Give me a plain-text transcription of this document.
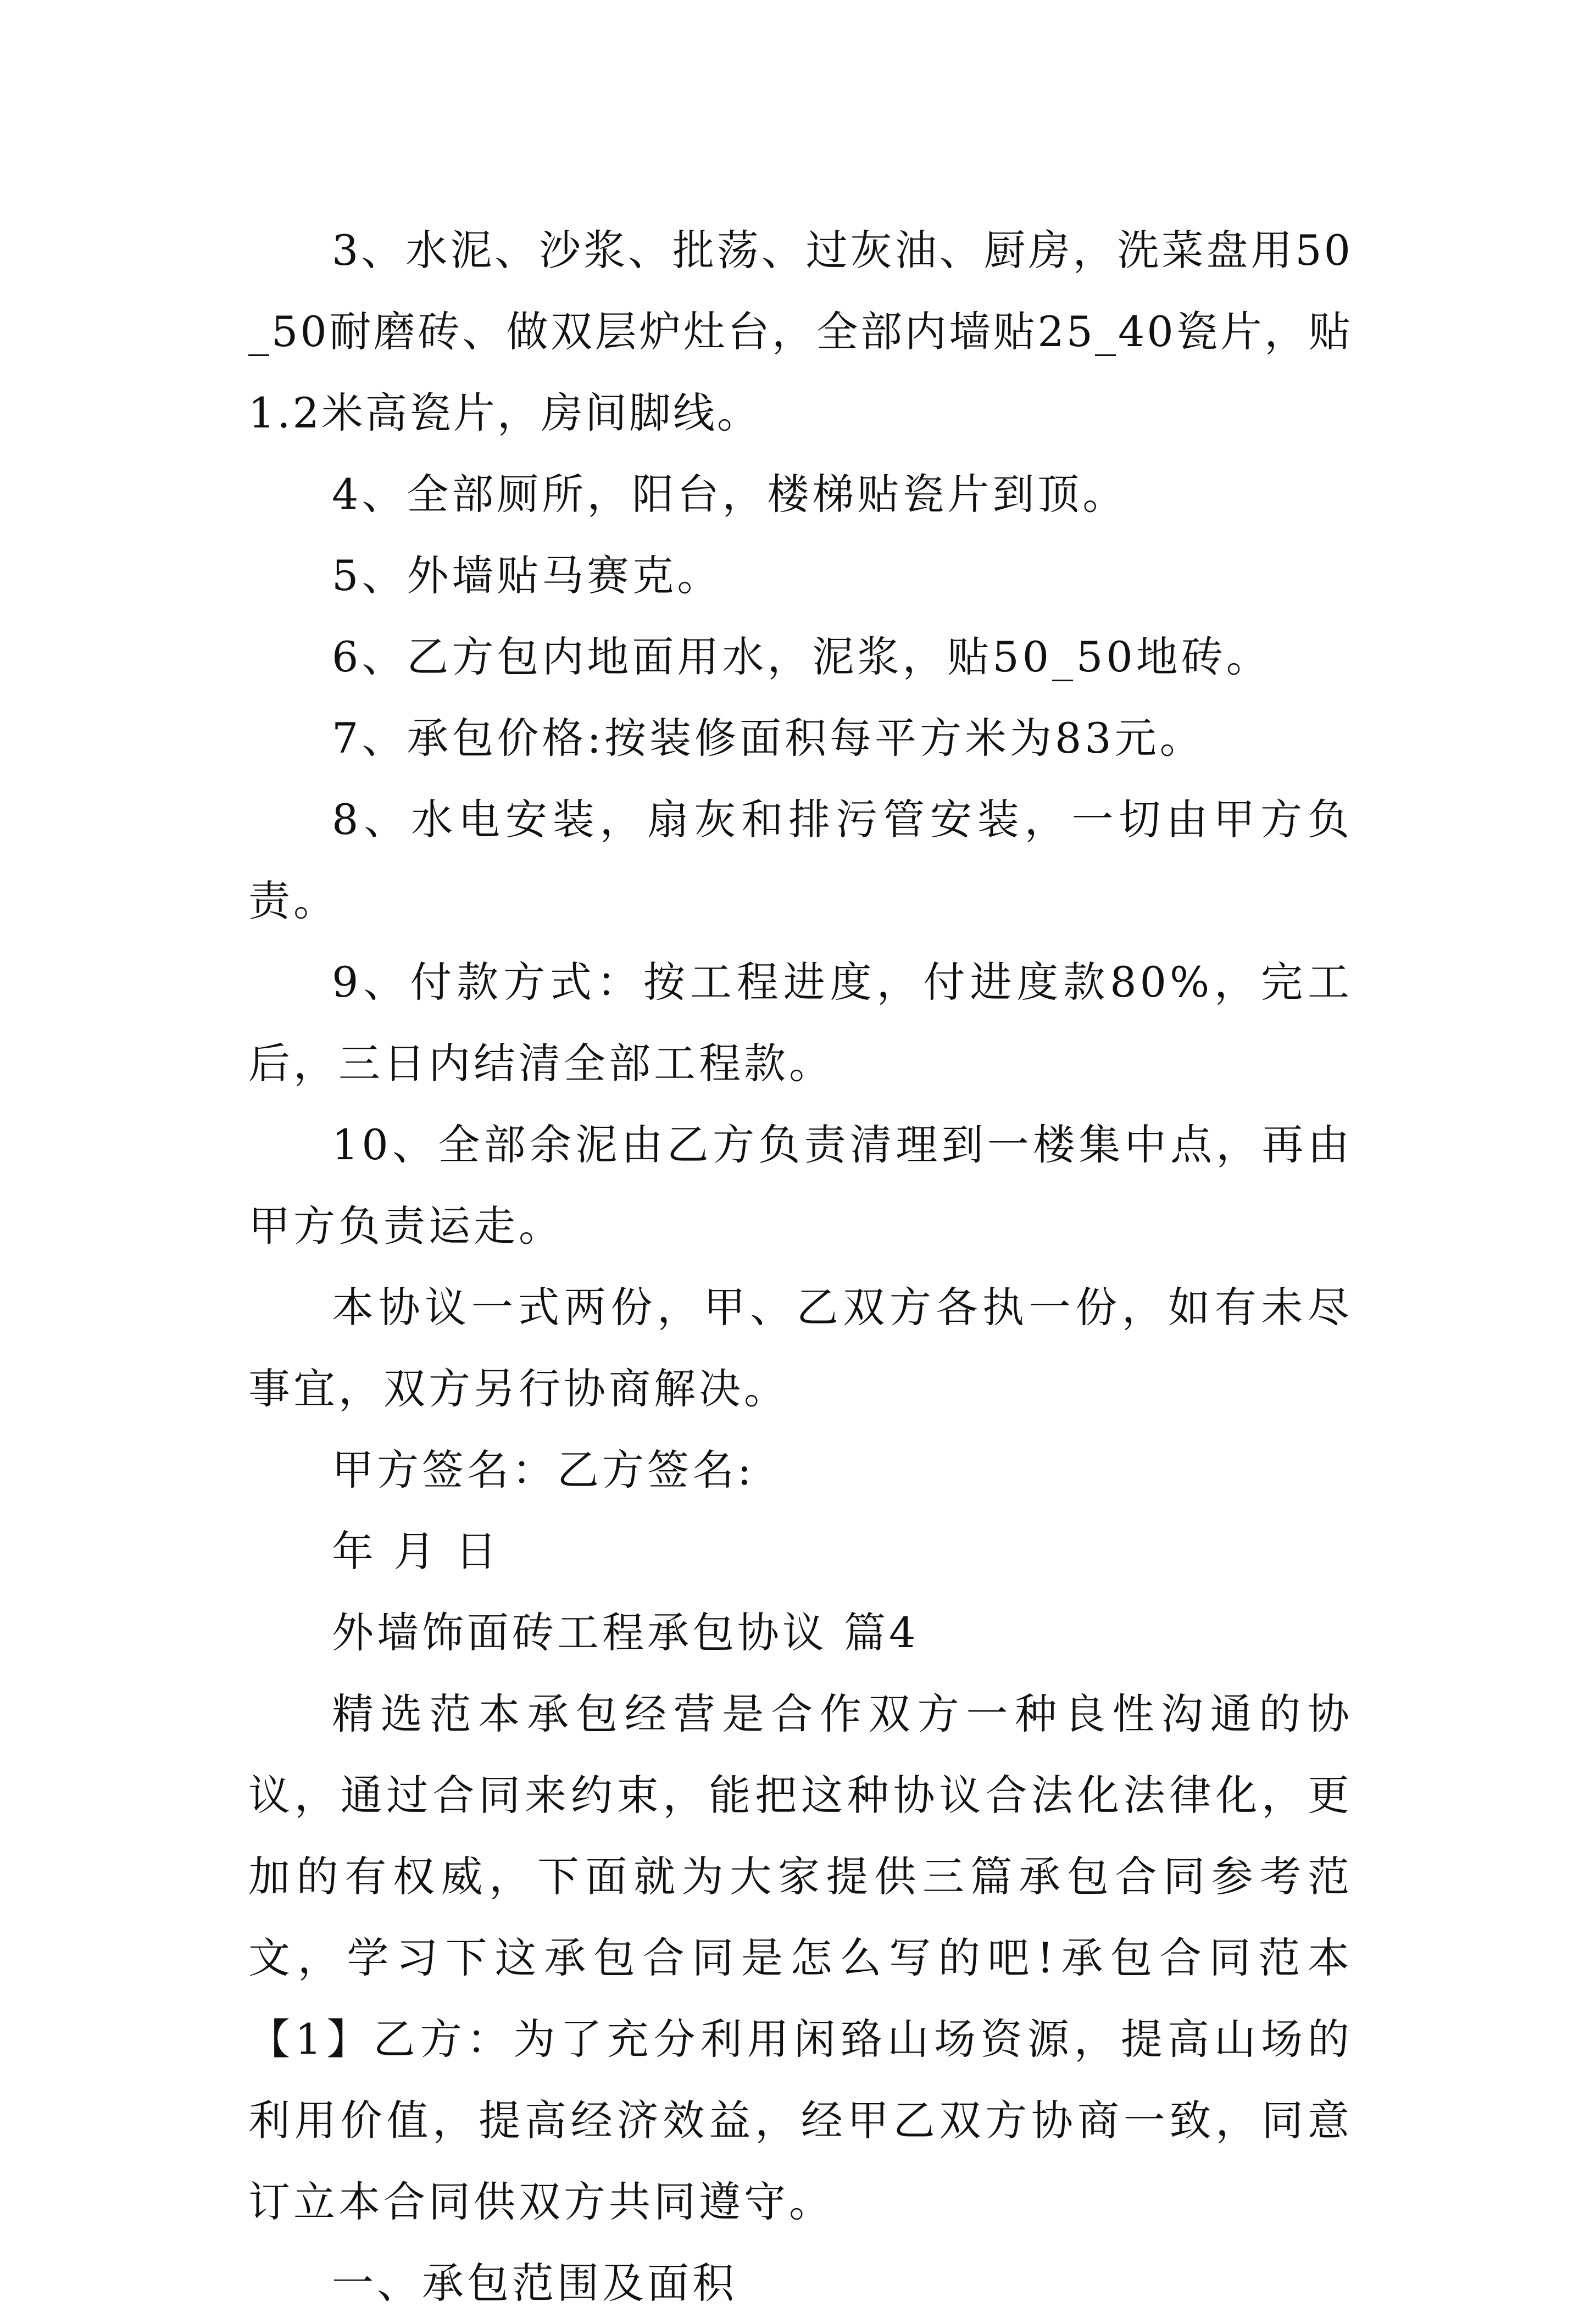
3、水泥、沙浆、批荡、过灰油、厨房，洗菜盘用50_50耐磨砖、做双层炉灶台，全部内墙贴25_40瓷片，贴1.2米高瓷片，房间脚线。

4、全部厕所，阳台，楼梯贴瓷片到顶。

5、外墙贴马赛克。

6、乙方包内地面用水，泥浆，贴50_50地砖。

7、承包价格:按装修面积每平方米为83元。

8、水电安装，扇灰和排污管安装，一切由甲方负责。

9、付款方式：按工程进度，付进度款80%，完工后，三日内结清全部工程款。

10、全部余泥由乙方负责清理到一楼集中点，再由甲方负责运走。

本协议一式两份，甲、乙双方各执一份，如有未尽事宜，双方另行协商解决。

甲方签名：乙方签名:

年 月 日

外墙饰面砖工程承包协议 篇4

精选范本承包经营是合作双方一种良性沟通的协议，通过合同来约束，能把这种协议合法化法律化，更加的有权威，下面就为大家提供三篇承包合同参考范文，学习下这承包合同是怎么写的吧!承包合同范本【1】乙方：为了充分利用闲臵山场资源，提高山场的利用价值，提高经济效益，经甲乙双方协商一致，同意订立本合同供双方共同遵守。

一、承包范围及面积
